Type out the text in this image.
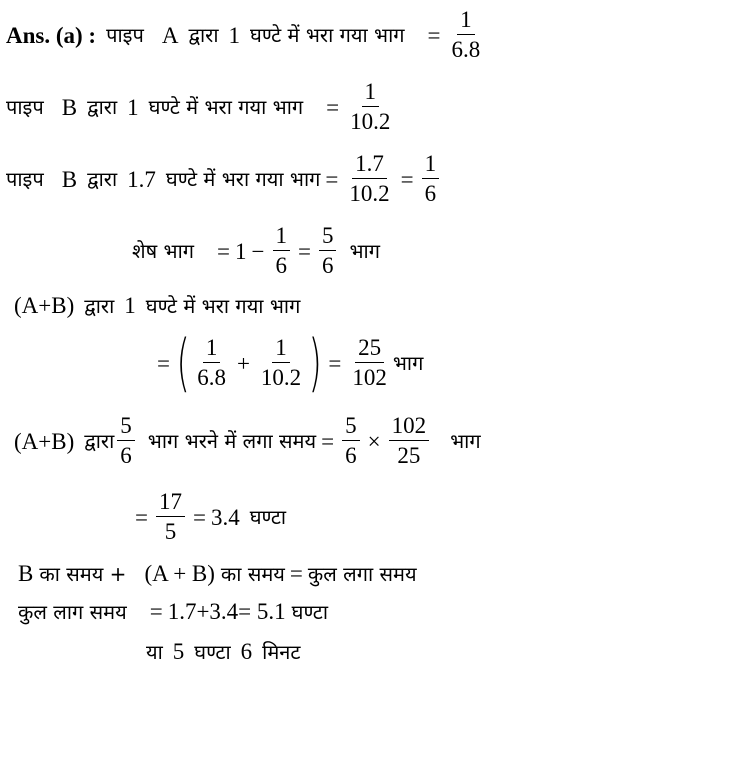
Ans. (a) : पाइप A द्वारा 1 घण्टे में भरा गया भाग = $\frac{1}{6.8}$
पाइप B द्वारा 1 घण्टे में भरा गया भाग = $\frac{1}{10.2}$
पाइप B द्वारा 1.7 घण्टे में भरा गया भाग = $\frac{1.7}{10.2} = \frac{1}{6}$
शेष भाग = $1 - \frac{1}{6} = \frac{5}{6}$ भाग
(A+B) द्वारा 1 घण्टे में भरा गया भाग
= ( $\frac{1}{6.8} + \frac{1}{10.2}$ ) = $\frac{25}{102}$ भाग
(A+B) द्वारा $\frac{5}{6}$ भाग भरने में लगा समय = $\frac{5}{6} \times \frac{102}{25}$ भाग
= $\frac{17}{5} = 3.4$ घण्टा
B का समय + (A + B) का समय = कुल लगा समय
कुल लाग समय = 1.7+3.4= 5.1 घण्टा
या 5 घण्टा 6 मिनट
